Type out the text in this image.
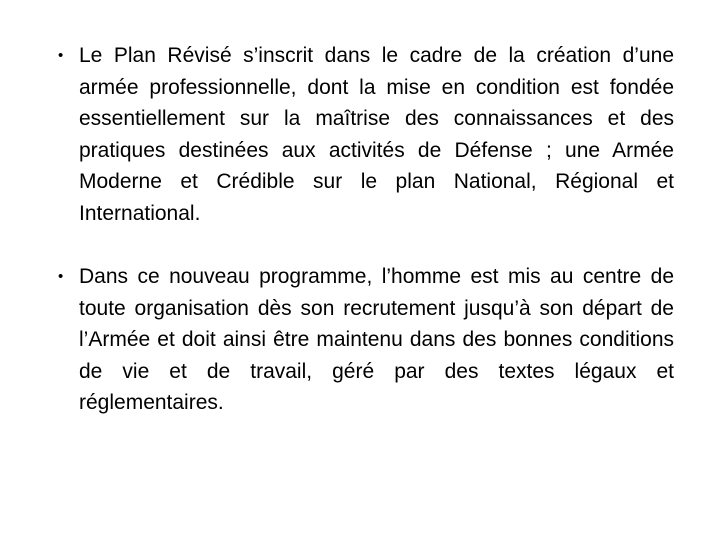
• Le Plan Révisé s’inscrit dans le cadre de la création d’une armée professionnelle, dont la mise en condition est fondée essentiellement sur la maîtrise des connaissances et des pratiques destinées aux activités de Défense ; une Armée Moderne et Crédible sur le plan National, Régional et International.
• Dans ce nouveau programme, l’homme est mis au centre de toute organisation dès son recrutement jusqu’à son départ de l’Armée et doit ainsi être maintenu dans des bonnes conditions de vie et de travail, géré par des textes légaux et réglementaires.
